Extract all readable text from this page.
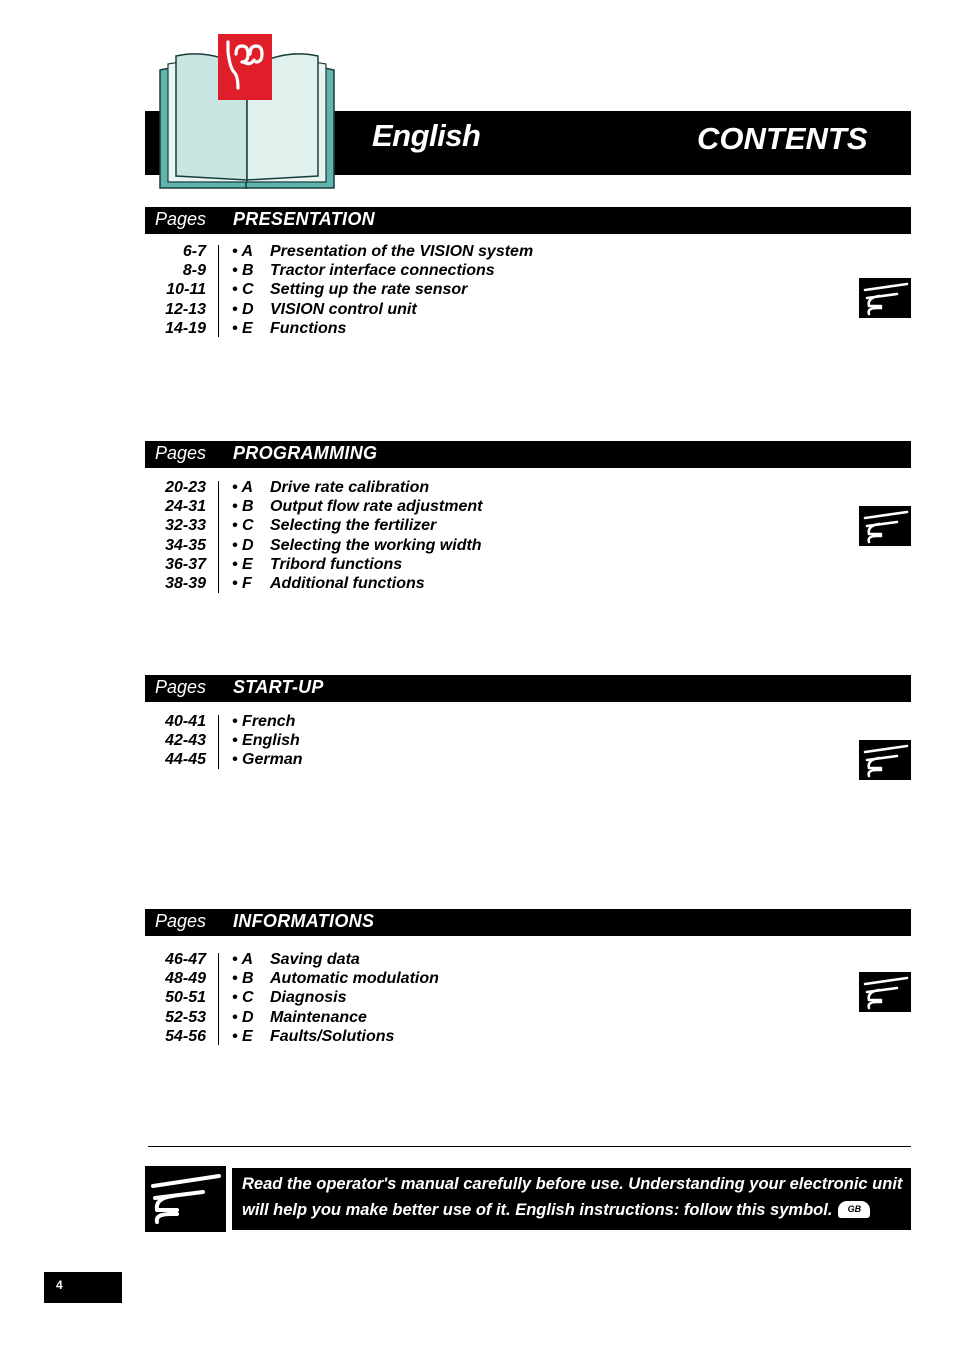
English	CONTENTS
Pages PRESENTATION
6-7 • A Presentation of the VISION system
8-9 • B Tractor interface connections
10-11 • C Setting up the rate sensor
12-13 • D VISION control unit
14-19 • E Functions
Pages PROGRAMMING
20-23 • A Drive rate calibration
24-31 • B Output flow rate adjustment
32-33 • C Selecting the fertilizer
34-35 • D Selecting the working width
36-37 • E Tribord functions
38-39 • F Additional functions
Pages START-UP
40-41 • French
42-43 • English
44-45 • German
Pages INFORMATIONS
46-47 • A Saving data
48-49 • B Automatic modulation
50-51 • C Diagnosis
52-53 • D Maintenance
54-56 • E Faults/Solutions
Read the operator's manual carefully before use. Understanding your electronic unit
will help you make better use of it. English instructions: follow this symbol. GB
4
